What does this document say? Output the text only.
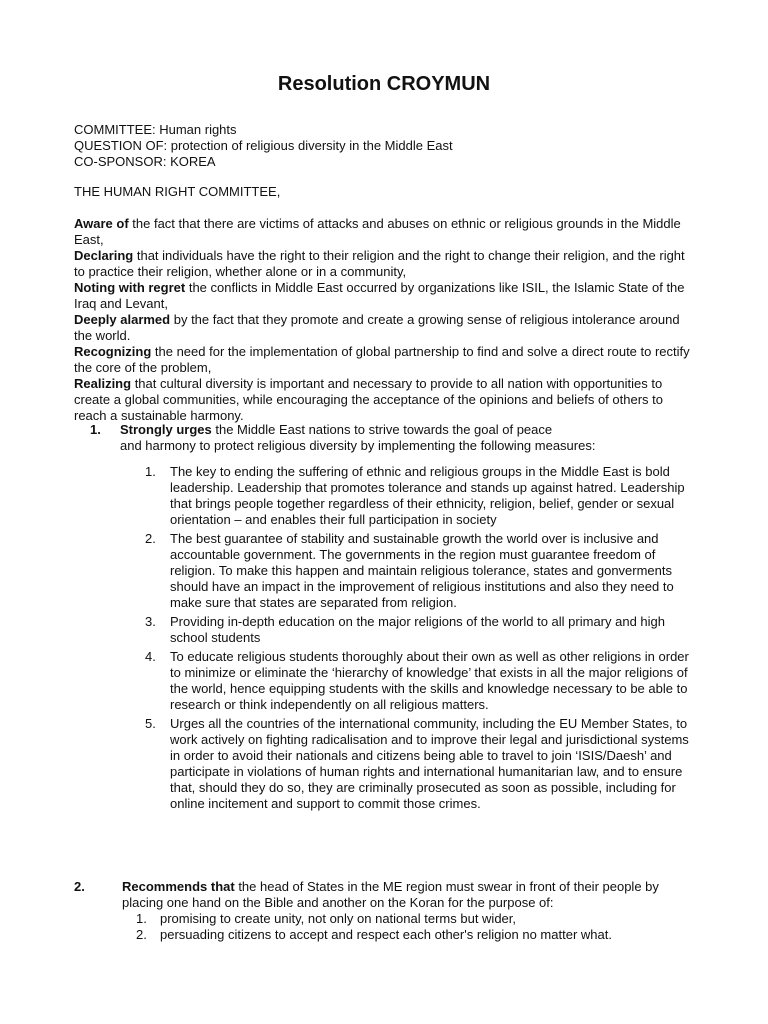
Resolution CROYMUN
COMMITTEE: Human rights
QUESTION OF: protection of religious diversity in the Middle East
CO-SPONSOR: KOREA
THE HUMAN RIGHT COMMITTEE,

Aware of the fact that there are victims of attacks and abuses on ethnic or religious grounds in the Middle East,

Declaring that individuals have the right to their religion and the right to change their religion, and the right to practice their religion, whether alone or in a community,

Noting with regret the conflicts in Middle East occurred by organizations like ISIL, the Islamic State of the Iraq and Levant,

Deeply alarmed by the fact that they promote and create a growing sense of religious intolerance around the world.

Recognizing the need for the implementation of global partnership to find and solve a direct route to rectify the core of the problem,

Realizing that cultural diversity is important and necessary to provide to all nation with opportunities to create a global communities, while encouraging the acceptance of the opinions and beliefs of others to reach a sustainable harmony.

1. Strongly urges the Middle East nations to strive towards the goal of peace
and harmony to protect religious diversity by implementing the following measures:
1. The key to ending the suffering of ethnic and religious groups in the Middle East is bold leadership. Leadership that promotes tolerance and stands up against hatred. Leadership that brings people together regardless of their ethnicity, religion, belief, gender or sexual orientation – and enables their full participation in society
2. The best guarantee of stability and sustainable growth the world over is inclusive and accountable government. The governments in the region must guarantee freedom of religion. To make this happen and maintain religious tolerance, states and gonverments should have an impact in the improvement of religious institutions and also they need to make sure that states are separated from religion.
3. Providing in-depth education on the major religions of the world to all primary and high school students
4. To educate religious students thoroughly about their own as well as other religions in order to minimize or eliminate the ‘hierarchy of knowledge’ that exists in all the major religions of the world, hence equipping students with the skills and knowledge necessary to be able to research or think independently on all religious matters.
5. Urges all the countries of the international community, including the EU Member States, to work actively on fighting radicalisation and to improve their legal and jurisdictional systems in order to avoid their nationals and citizens being able to travel to join ‘ISIS/Daesh’ and participate in violations of human rights and international humanitarian law, and to ensure that, should they do so, they are criminally prosecuted as soon as possible, including for online incitement and support to commit those crimes.
2.	Recommends that the head of States in the ME region must swear in front of their people by placing one hand on the Bible and another on the Koran for the purpose of:
1. promising to create unity, not only on national terms but wider,
2. persuading citizens to accept and respect each other's religion no matter what.
